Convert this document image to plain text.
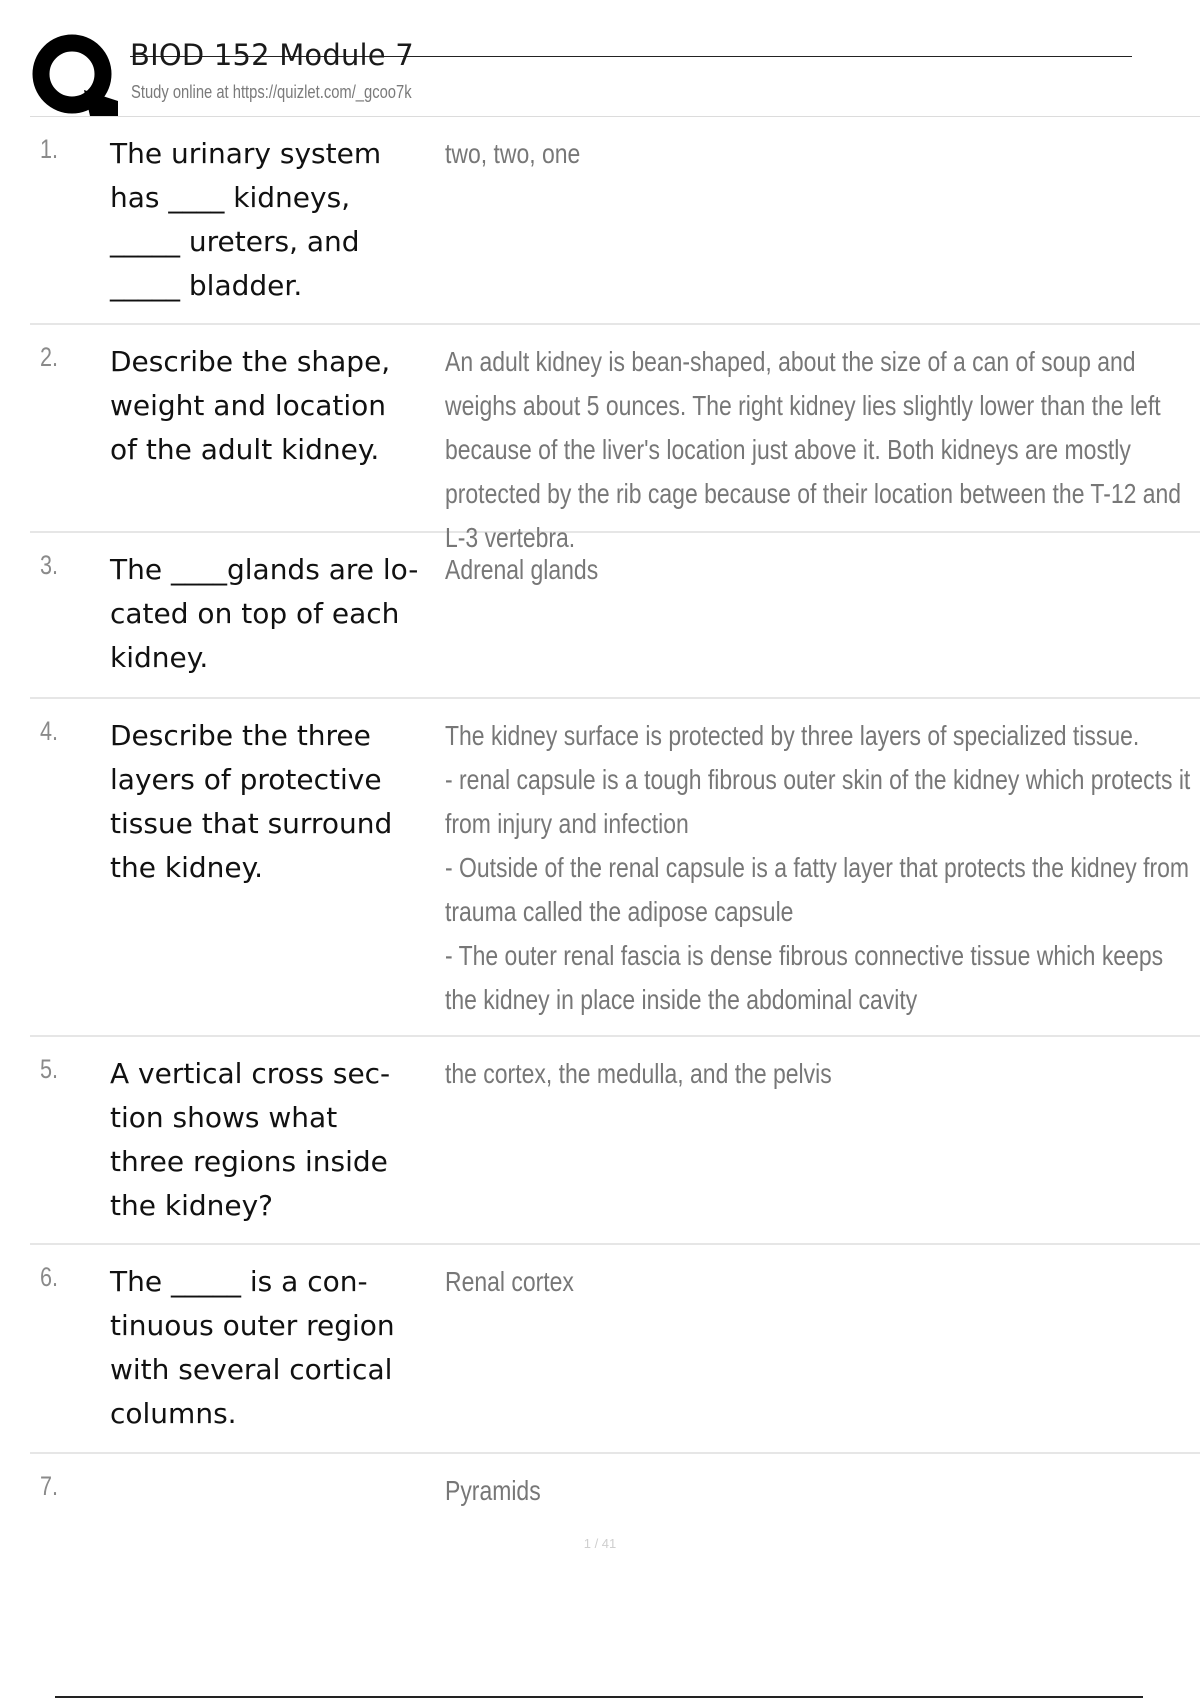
BIOD 152 Module 7
Study online at https://quizlet.com/_gcoo7k
1. The urinary system has ____ kidneys, _____ ureters, and _____ bladder.

two, two, one

2. Describe the shape, weight and location of the adult kidney.

An adult kidney is bean-shaped, about the size of a can of soup and weighs about 5 ounces. The right kidney lies slightly lower than the left because of the liver's location just above it. Both kidneys are mostly protected by the rib cage because of their location between the T-12 and L-3 vertebra.

3. The ____glands are lo-cated on top of each kidney.

Adrenal glands

4. Describe the three layers of protective tissue that surround the kidney.

The kidney surface is protected by three layers of specialized tissue.
- renal capsule is a tough fibrous outer skin of the kidney which protects it from injury and infection
- Outside of the renal capsule is a fatty layer that protects the kidney from trauma called the adipose capsule
- The outer renal fascia is dense fibrous connective tissue which keeps the kidney in place inside the abdominal cavity

5. A vertical cross sec-tion shows what three regions inside the kidney?

the cortex, the medulla, and the pelvis

6. The _____ is a con-tinuous outer region with several cortical columns.

Renal cortex

7.	Pyramids

1 / 41
